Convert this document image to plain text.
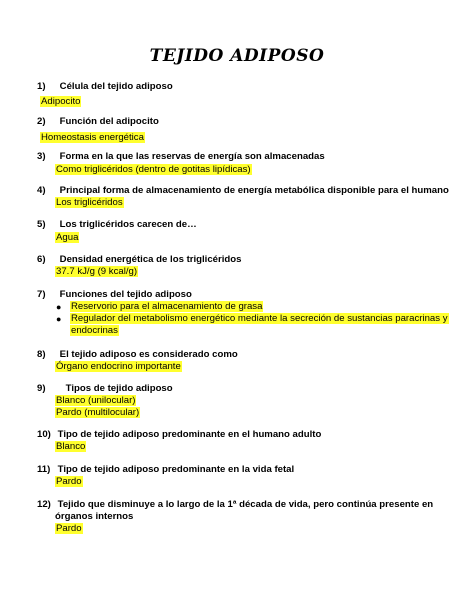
TEJIDO ADIPOSO
1) Célula del tejido adiposo
Adipocito
2) Función del adipocito
Homeostasis energética
3) Forma en la que las reservas de energía son almacenadas
Como triglicéridos (dentro de gotitas lipídicas)
4) Principal forma de almacenamiento de energía metabólica disponible para el humano
Los triglicéridos
5) Los triglicéridos carecen de…
Agua
6) Densidad energética de los triglicéridos
37.7 kJ/g (9 kcal/g)
7) Funciones del tejido adiposo
● Reservorio para el almacenamiento de grasa
● Regulador del metabolismo energético mediante la secreción de sustancias paracrinas y
endocrinas
8) El tejido adiposo es considerado como
Órgano endocrino importante
9) Tipos de tejido adiposo
Blanco (unilocular)
Pardo (multilocular)
10) Tipo de tejido adiposo predominante en el humano adulto
Blanco
11) Tipo de tejido adiposo predominante en la vida fetal
Pardo
12) Tejido que disminuye a lo largo de la 1ª década de vida, pero continúa presente en
órganos internos
Pardo
